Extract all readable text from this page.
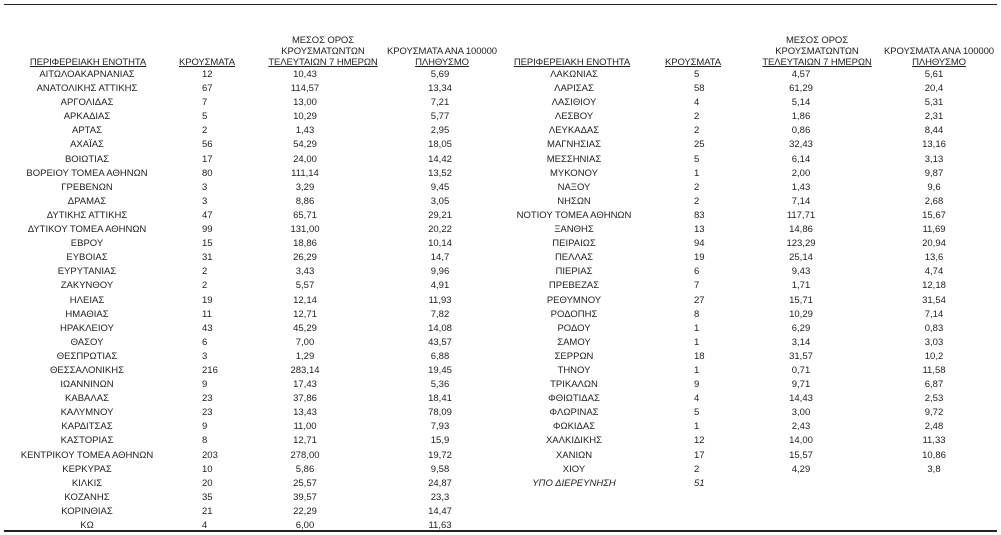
ΠΕΡΙΦΕΡΕΙΑΚΗ ΕΝΟΤΗΤΑ	ΚΡΟΥΣΜΑΤΑ
ΜΕΣΟΣ ΟΡΟΣ
ΚΡΟΥΣΜΑΤΩΝΤΩΝ
ΤΕΛΕΥΤΑΙΩΝ 7 ΗΜΕΡΩΝ
ΚΡΟΥΣΜΑΤΑ ΑΝΑ 100000
ΠΛΗΘΥΣΜΟ
ΑΙΤΩΛΟΑΚΑΡΝΑΝΙΑΣ	12	10,43	5,69
ΑΝΑΤΟΛΙΚΗΣ ΑΤΤΙΚΗΣ	67	114,57	13,34
ΑΡΓΟΛΙΔΑΣ	7	13,00	7,21
ΑΡΚΑΔΙΑΣ	5	10,29	5,77
ΑΡΤΑΣ	2	1,43	2,95
ΑΧΑΪΑΣ	56	54,29	18,05
ΒΟΙΩΤΙΑΣ	17	24,00	14,42
ΒΟΡΕΙΟΥ ΤΟΜΕΑ ΑΘΗΝΩΝ	80	111,14	13,52
ΓΡΕΒΕΝΩΝ	3	3,29	9,45
ΔΡΑΜΑΣ	3	8,86	3,05
ΔΥΤΙΚΗΣ ΑΤΤΙΚΗΣ	47	65,71	29,21
ΔΥΤΙΚΟΥ ΤΟΜΕΑ ΑΘΗΝΩΝ	99	131,00	20,22
ΕΒΡΟΥ	15	18,86	10,14
ΕΥΒΟΙΑΣ	31	26,29	14,7
ΕΥΡΥΤΑΝΙΑΣ	2	3,43	9,96
ΖΑΚΥΝΘΟΥ	2	5,57	4,91
ΗΛΕΙΑΣ	19	12,14	11,93
ΗΜΑΘΙΑΣ	11	12,71	7,82
ΗΡΑΚΛΕΙΟΥ	43	45,29	14,08
ΘΑΣΟΥ	6	7,00	43,57
ΘΕΣΠΡΩΤΙΑΣ	3	1,29	6,88
ΘΕΣΣΑΛΟΝΙΚΗΣ	216	283,14	19,45
ΙΩΑΝΝΙΝΩΝ	9	17,43	5,36
ΚΑΒΑΛΑΣ	23	37,86	18,41
ΚΑΛΥΜΝΟΥ	23	13,43	78,09
ΚΑΡΔΙΤΣΑΣ	9	11,00	7,93
ΚΑΣΤΟΡΙΑΣ	8	12,71	15,9
ΚΕΝΤΡΙΚΟΥ ΤΟΜΕΑ ΑΘΗΝΩΝ	203	278,00	19,72
ΚΕΡΚΥΡΑΣ	10	5,86	9,58
ΚΙΛΚΙΣ	20	25,57	24,87
ΚΟΖΑΝΗΣ	35	39,57	23,3
ΚΟΡΙΝΘΙΑΣ	21	22,29	14,47
ΚΩ	4	6,00	11,63
ΠΕΡΙΦΕΡΕΙΑΚΗ ΕΝΟΤΗΤΑ	ΚΡΟΥΣΜΑΤΑ
ΜΕΣΟΣ ΟΡΟΣ
ΚΡΟΥΣΜΑΤΩΝΤΩΝ
ΤΕΛΕΥΤΑΙΩΝ 7 ΗΜΕΡΩΝ
ΚΡΟΥΣΜΑΤΑ ΑΝΑ 100000
ΠΛΗΘΥΣΜΟ
ΛΑΚΩΝΙΑΣ	5	4,57	5,61
ΛΑΡΙΣΑΣ	58	61,29	20,4
ΛΑΣΙΘΙΟΥ	4	5,14	5,31
ΛΕΣΒΟΥ	2	1,86	2,31
ΛΕΥΚΑΔΑΣ	2	0,86	8,44
ΜΑΓΝΗΣΙΑΣ	25	32,43	13,16
ΜΕΣΣΗΝΙΑΣ	5	6,14	3,13
ΜΥΚΟΝΟΥ	1	2,00	9,87
ΝΑΞΟΥ	2	1,43	9,6
ΝΗΣΩΝ	2	7,14	2,68
ΝΟΤΙΟΥ ΤΟΜΕΑ ΑΘΗΝΩΝ	83	117,71	15,67
ΞΑΝΘΗΣ	13	14,86	11,69
ΠΕΙΡΑΙΩΣ	94	123,29	20,94
ΠΕΛΛΑΣ	19	25,14	13,6
ΠΙΕΡΙΑΣ	6	9,43	4,74
ΠΡΕΒΕΖΑΣ	7	1,71	12,18
ΡΕΘΥΜΝΟΥ	27	15,71	31,54
ΡΟΔΟΠΗΣ	8	10,29	7,14
ΡΟΔΟΥ	1	6,29	0,83
ΣΑΜΟΥ	1	3,14	3,03
ΣΕΡΡΩΝ	18	31,57	10,2
ΤΗΝΟΥ	1	0,71	11,58
ΤΡΙΚΑΛΩΝ	9	9,71	6,87
ΦΘΙΩΤΙΔΑΣ	4	14,43	2,53
ΦΛΩΡΙΝΑΣ	5	3,00	9,72
ΦΩΚΙΔΑΣ	1	2,43	2,48
ΧΑΛΚΙΔΙΚΗΣ	12	14,00	11,33
ΧΑΝΙΩΝ	17	15,57	10,86
ΧΙΟΥ	2	4,29	3,8
ΥΠΟ ΔΙΕΡΕΥΝΗΣΗ	51
